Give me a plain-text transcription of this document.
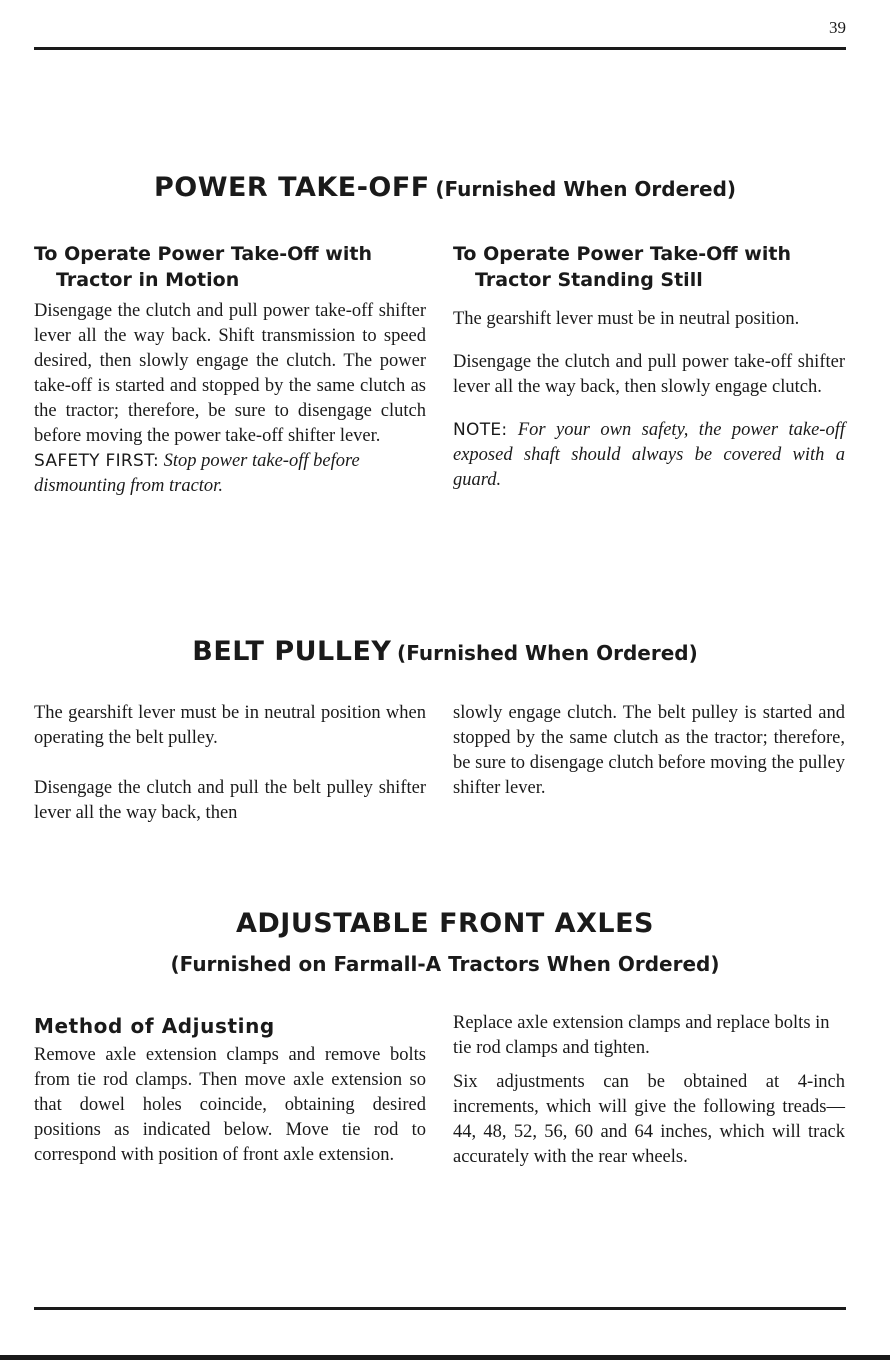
39
POWER TAKE-OFF (Furnished When Ordered)

To Operate Power Take-Off with
Tractor in Motion

Disengage the clutch and pull power take-off shifter lever all the way back. Shift transmission to speed desired, then slowly engage the clutch. The power take-off is started and stopped by the same clutch as the tractor; therefore, be sure to disengage clutch before moving the power take-off shifter lever.

SAFETY FIRST: Stop power take-off before dismounting from tractor.

To Operate Power Take-Off with
Tractor Standing Still

The gearshift lever must be in neutral position.

Disengage the clutch and pull power take-off shifter lever all the way back, then slowly engage clutch.

NOTE: For your own safety, the power take-off exposed shaft should always be covered with a guard.

BELT PULLEY (Furnished When Ordered)

The gearshift lever must be in neutral position when operating the belt pulley.

Disengage the clutch and pull the belt pulley shifter lever all the way back, then

slowly engage clutch. The belt pulley is started and stopped by the same clutch as the tractor; therefore, be sure to disengage clutch before moving the pulley shifter lever.

ADJUSTABLE FRONT AXLES
(Furnished on Farmall-A Tractors When Ordered)

Method of Adjusting

Remove axle extension clamps and remove bolts from tie rod clamps. Then move axle extension so that dowel holes coincide, obtaining desired positions as indicated below. Move tie rod to correspond with position of front axle extension.

Replace axle extension clamps and replace bolts in tie rod clamps and tighten.

Six adjustments can be obtained at 4-inch increments, which will give the following treads—44, 48, 52, 56, 60 and 64 inches, which will track accurately with the rear wheels.
